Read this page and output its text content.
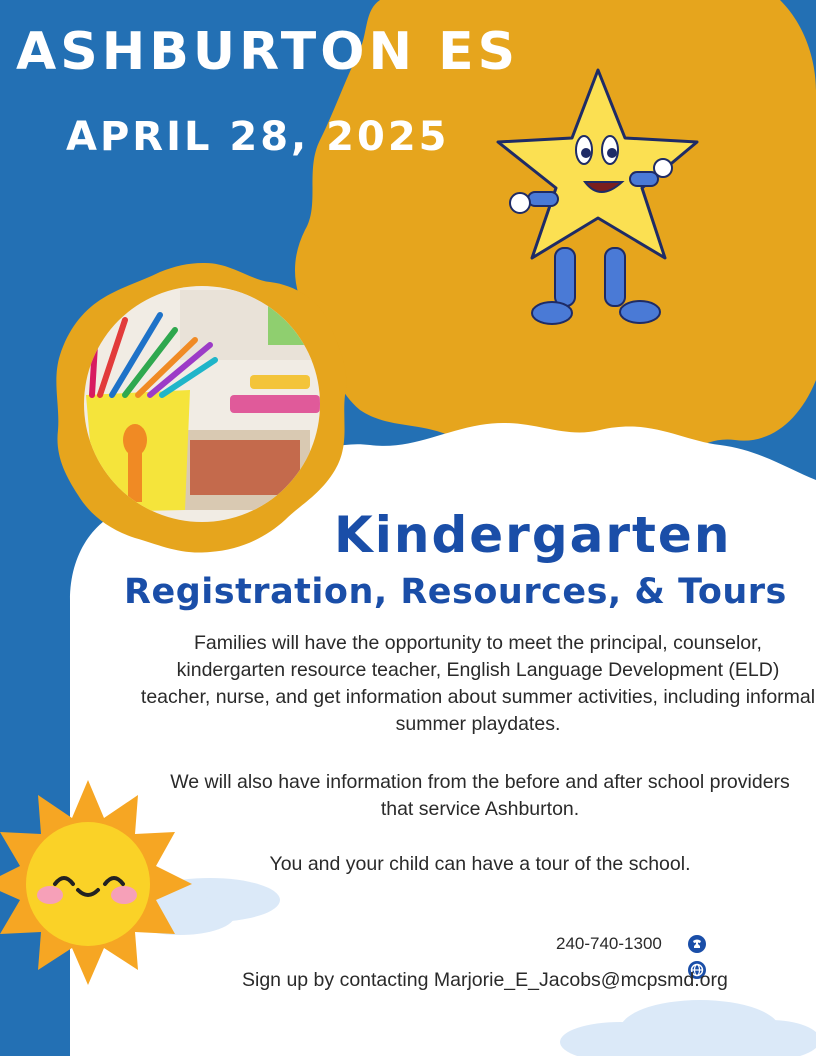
ASHBURTON ES
APRIL 28, 2025
Kindergarten
Registration, Resources, & Tours

Families will have the opportunity to meet the principal, counselor, kindergarten resource teacher, English Language Development (ELD) teacher, nurse, and get information about summer activities, including informal summer playdates.

We will also have information from the before and after school providers that service Ashburton.

You and your child can have a tour of the school.

240-740-1300
Sign up by contacting Marjorie_E_Jacobs@mcpsmd.org
